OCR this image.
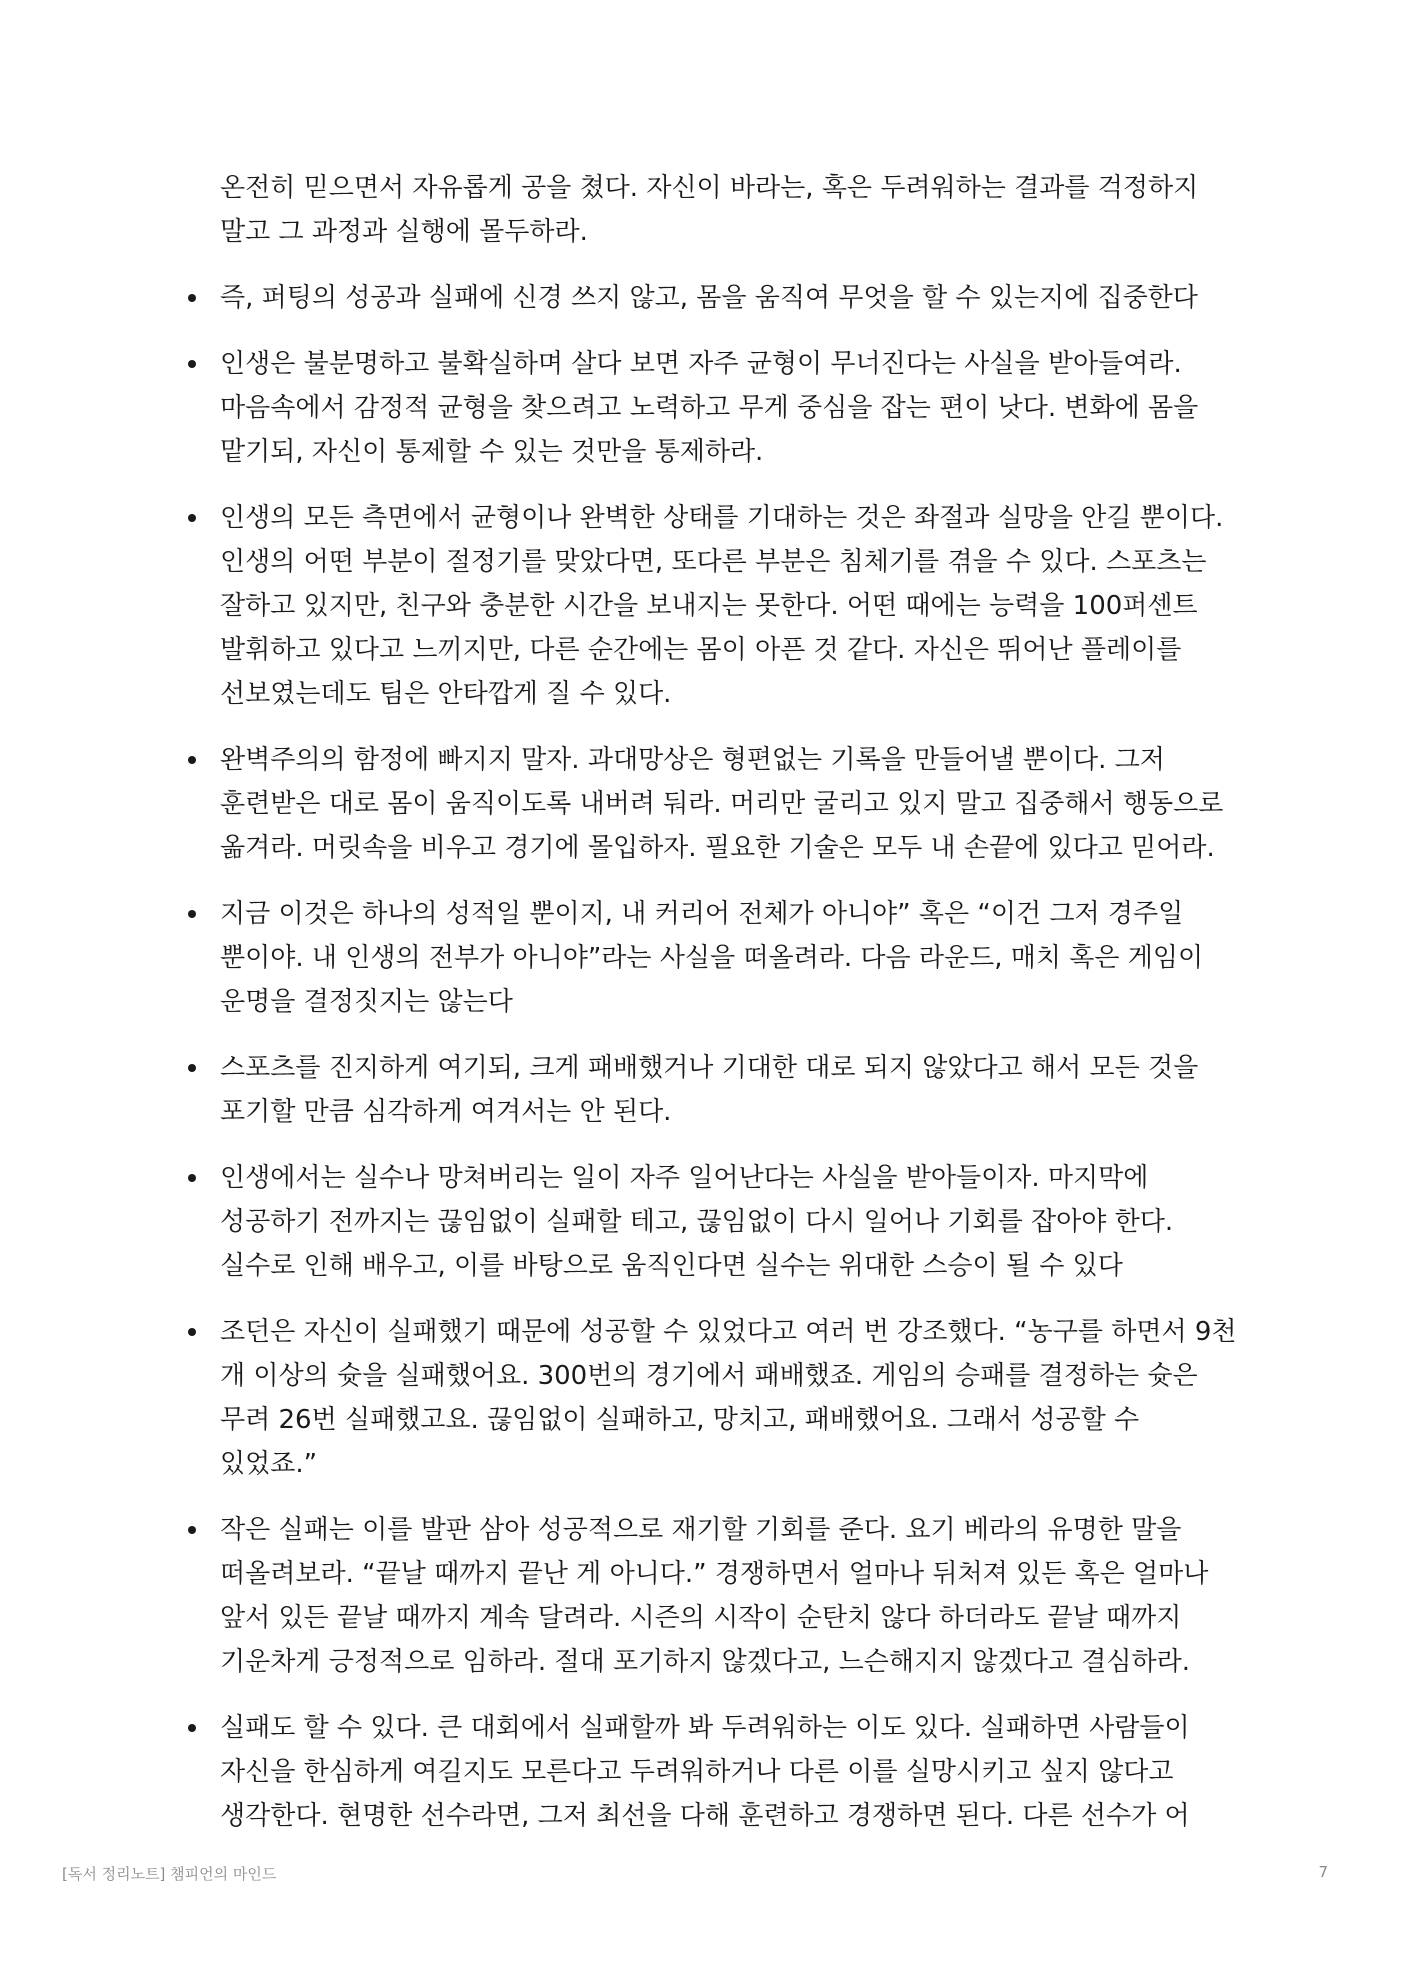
온전히 믿으면서 자유롭게 공을 쳤다. 자신이 바라는, 혹은 두려워하는 결과를 걱정하지 말고 그 과정과 실행에 몰두하라.

즉, 퍼팅의 성공과 실패에 신경 쓰지 않고, 몸을 움직여 무엇을 할 수 있는지에 집중한다
인생은 불분명하고 불확실하며 살다 보면 자주 균형이 무너진다는 사실을 받아들여라. 마음속에서 감정적 균형을 찾으려고 노력하고 무게 중심을 잡는 편이 낫다. 변화에 몸을 맡기되, 자신이 통제할 수 있는 것만을 통제하라.
인생의 모든 측면에서 균형이나 완벽한 상태를 기대하는 것은 좌절과 실망을 안길 뿐이다. 인생의 어떤 부분이 절정기를 맞았다면, 또다른 부분은 침체기를 겪을 수 있다. 스포츠는 잘하고 있지만, 친구와 충분한 시간을 보내지는 못한다. 어떤 때에는 능력을 100퍼센트 발휘하고 있다고 느끼지만, 다른 순간에는 몸이 아픈 것 같다. 자신은 뛰어난 플레이를 선보였는데도 팀은 안타깝게 질 수 있다.
완벽주의의 함정에 빠지지 말자. 과대망상은 형편없는 기록을 만들어낼 뿐이다. 그저 훈련받은 대로 몸이 움직이도록 내버려 둬라. 머리만 굴리고 있지 말고 집중해서 행동으로 옮겨라. 머릿속을 비우고 경기에 몰입하자. 필요한 기술은 모두 내 손끝에 있다고 믿어라.
지금 이것은 하나의 성적일 뿐이지, 내 커리어 전체가 아니야” 혹은 “이건 그저 경주일 뿐이야. 내 인생의 전부가 아니야”라는 사실을 떠올려라. 다음 라운드, 매치 혹은 게임이 운명을 결정짓지는 않는다
스포츠를 진지하게 여기되, 크게 패배했거나 기대한 대로 되지 않았다고 해서 모든 것을 포기할 만큼 심각하게 여겨서는 안 된다.
인생에서는 실수나 망쳐버리는 일이 자주 일어난다는 사실을 받아들이자. 마지막에 성공하기 전까지는 끊임없이 실패할 테고, 끊임없이 다시 일어나 기회를 잡아야 한다. 실수로 인해 배우고, 이를 바탕으로 움직인다면 실수는 위대한 스승이 될 수 있다
조던은 자신이 실패했기 때문에 성공할 수 있었다고 여러 번 강조했다. “농구를 하면서 9천 개 이상의 슛을 실패했어요. 300번의 경기에서 패배했죠. 게임의 승패를 결정하는 슛은 무려 26번 실패했고요. 끊임없이 실패하고, 망치고, 패배했어요. 그래서 성공할 수 있었죠.”
작은 실패는 이를 발판 삼아 성공적으로 재기할 기회를 준다. 요기 베라의 유명한 말을 떠올려보라. “끝날 때까지 끝난 게 아니다.” 경쟁하면서 얼마나 뒤처져 있든 혹은 얼마나 앞서 있든 끝날 때까지 계속 달려라. 시즌의 시작이 순탄치 않다 하더라도 끝날 때까지 기운차게 긍정적으로 임하라. 절대 포기하지 않겠다고, 느슨해지지 않겠다고 결심하라.
실패도 할 수 있다. 큰 대회에서 실패할까 봐 두려워하는 이도 있다. 실패하면 사람들이 자신을 한심하게 여길지도 모른다고 두려워하거나 다른 이를 실망시키고 싶지 않다고 생각한다. 현명한 선수라면, 그저 최선을 다해 훈련하고 경쟁하면 된다. 다른 선수가 어
[독서 정리노트] 챔피언의 마인드	7
